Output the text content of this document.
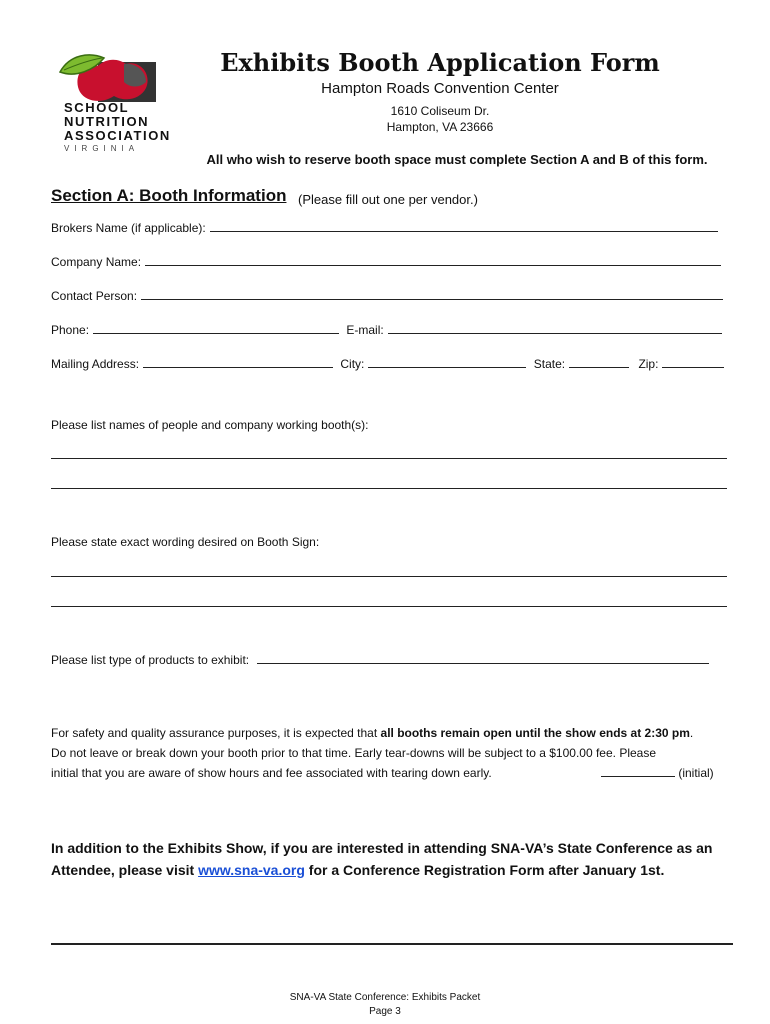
SCHOOL
NUTRITION
ASSOCIATION
VIRGINIA
Exhibits Booth Application Form
Hampton Roads Convention Center
1610 Coliseum Dr.
Hampton, VA 23666
All who wish to reserve booth space must complete Section A and B of this form.
Section A: Booth Information (Please fill out one per vendor.)
Brokers Name (if applicable):
Company Name:
Contact Person:
Phone:	E-mail:
Mailing Address:	City:	State:	Zip:
Please list names of people and company working booth(s):
Please state exact wording desired on Booth Sign:
Please list type of products to exhibit:
For safety and quality assurance purposes, it is expected that all booths remain open until the show ends at 2:30 pm.
Do not leave or break down your booth prior to that time. Early tear-downs will be subject to a $100.00 fee. Please
initial that you are aware of show hours and fee associated with tearing down early.	(initial)
In addition to the Exhibits Show, if you are interested in attending SNA-VA’s State Conference as an Attendee, please visit www.sna-va.org for a Conference Registration Form after January 1st.
SNA-VA State Conference: Exhibits Packet
Page 3
